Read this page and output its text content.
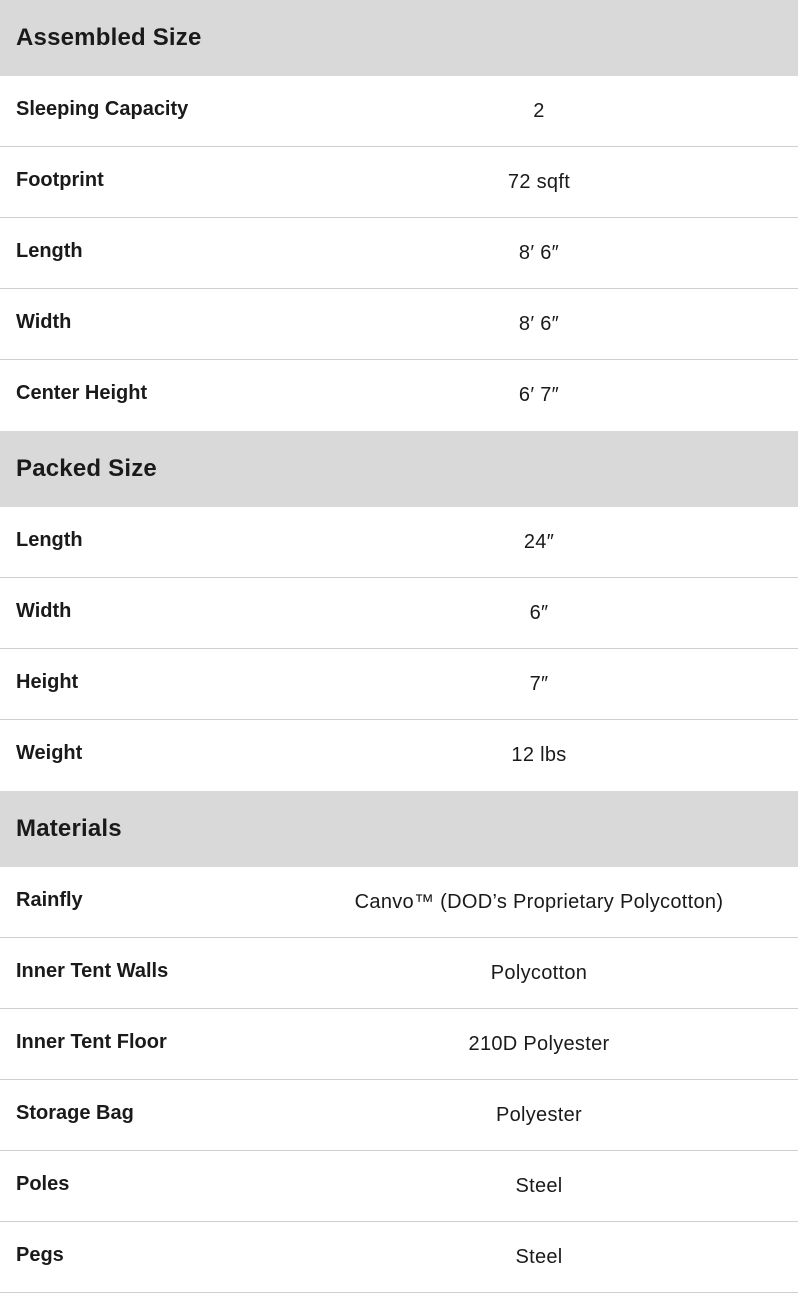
Assembled Size
Sleeping Capacity	2
Footprint	72 sqft
Length	8′ 6″
Width	8′ 6″
Center Height	6′ 7″
Packed Size
Length	24″
Width	6″
Height	7″
Weight	12 lbs
Materials
Rainfly	Canvo™ (DOD’s Proprietary Polycotton)
Inner Tent Walls	Polycotton
Inner Tent Floor	210D Polyester
Storage Bag	Polyester
Poles	Steel
Pegs	Steel
